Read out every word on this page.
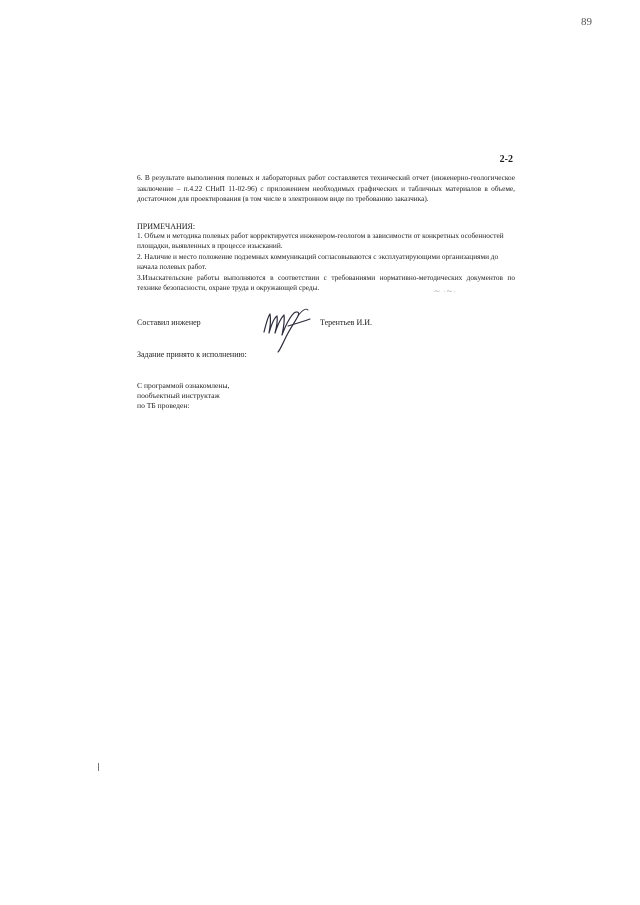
89
2-2

6. В результате выполнения полевых и лабораторных работ составляется технический отчет (инженерно-геологическое заключение – п.4.22 СНиП 11-02-96) с приложением необходимых графических и табличных материалов в объеме, достаточном для проектирования (в том числе в электронном виде по требованию заказчика).

ПРИМЕЧАНИЯ:

1. Объем и методика полевых работ корректируется инженером-геологом в зависимости от конкретных особенностей площадки, выявленных в процессе изысканий.
2. Наличие и место положение подземных коммуникаций согласовываются с эксплуатирующими организациями до начала полевых работ.
3.Изыскательские работы выполняются в соответствии с требованиями нормативно-методических документов по технике безопасности, охране труда и окружающей среды.	⁓ ·⁓·
Составил инженер	Терентьев И.И.
Задание принято к исполнению:
С программой ознакомлены,
пообъектный инструктаж
по ТБ проведен:
